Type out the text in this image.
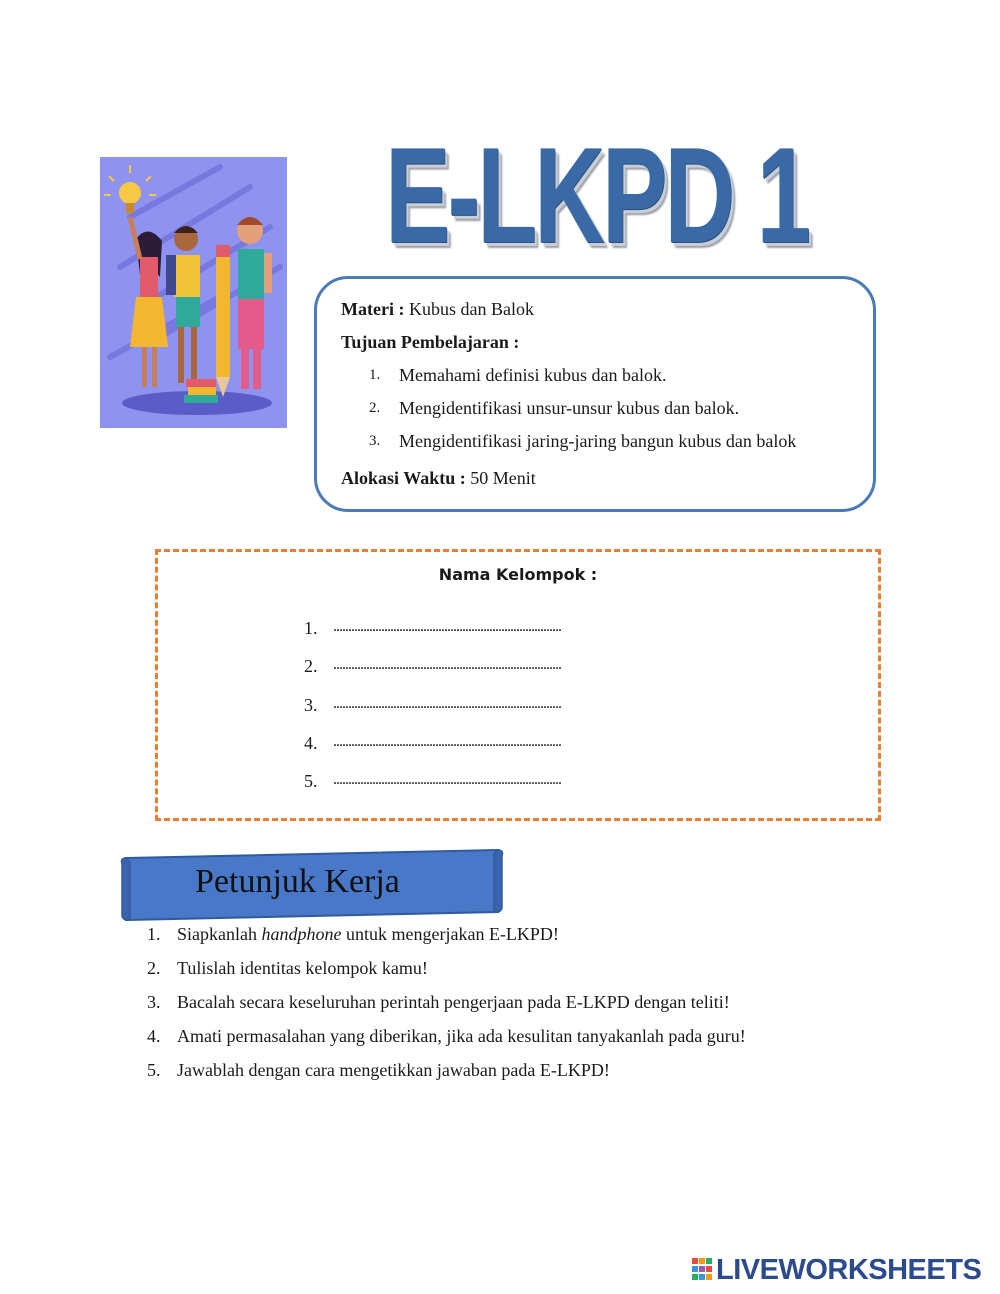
E-LKPD 1
Materi : Kubus dan Balok
Tujuan Pembelajaran :
1. Memahami definisi kubus dan balok.
2. Mengidentifikasi unsur-unsur kubus dan balok.
3. Mengidentifikasi jaring-jaring bangun kubus dan balok
Alokasi Waktu : 50 Menit
Nama Kelompok :
1. ............................................................................
2. ............................................................................
3. ............................................................................
4. ............................................................................
5. ............................................................................
Petunjuk Kerja
1. Siapkanlah handphone untuk mengerjakan E-LKPD!
2. Tulislah identitas kelompok kamu!
3. Bacalah secara keseluruhan perintah pengerjaan pada E-LKPD dengan teliti!
4. Amati permasalahan yang diberikan, jika ada kesulitan tanyakanlah pada guru!
5. Jawablah dengan cara mengetikkan jawaban pada E-LKPD!
LIVEWORKSHEETS
